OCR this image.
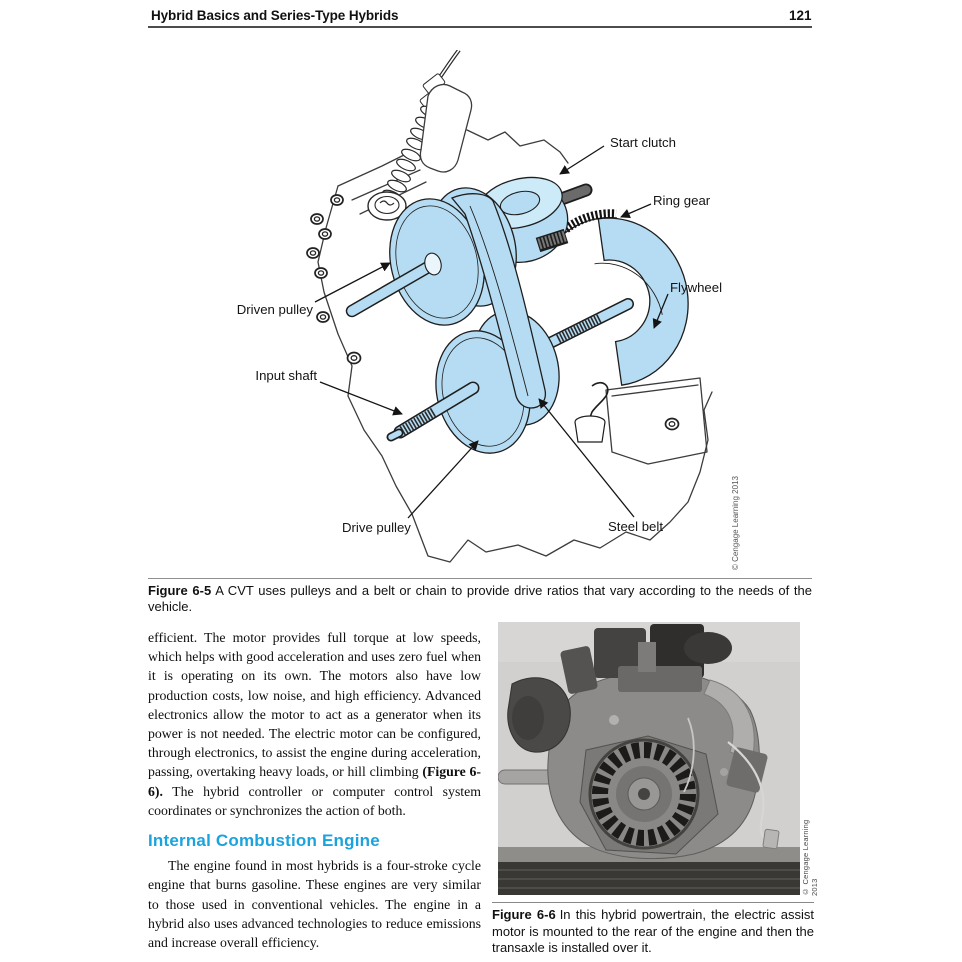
Hybrid Basics and Series-Type Hybrids	121
Start clutch
Ring gear
Flywheel
Driven pulley
Input shaft
Drive pulley	Steel belt	© Cengage Learning 2013
Figure 6-5 A CVT uses pulleys and a belt or chain to provide drive ratios that vary according to the needs of the vehicle.

efficient. The motor provides full torque at low speeds, which helps with good acceleration and uses zero fuel when it is operating on its own. The motors also have low production costs, low noise, and high efficiency. Advanced electronics allow the motor to act as a generator when its power is not needed. The electric motor can be configured, through electronics, to assist the engine during acceleration, passing, overtaking heavy loads, or hill climbing (Figure 6-6). The hybrid controller or computer control system coordinates or synchronizes the action of both.

Internal Combustion Engine

The engine found in most hybrids is a four-stroke cycle engine that burns gasoline. These engines are very similar to those used in conventional vehicles. The engine in a hybrid also uses advanced technologies to reduce emissions and increase overall efficiency.

© Cengage Learning 2013
Figure 6-6 In this hybrid powertrain, the electric assist motor is mounted to the rear of the engine and then the transaxle is installed over it.
